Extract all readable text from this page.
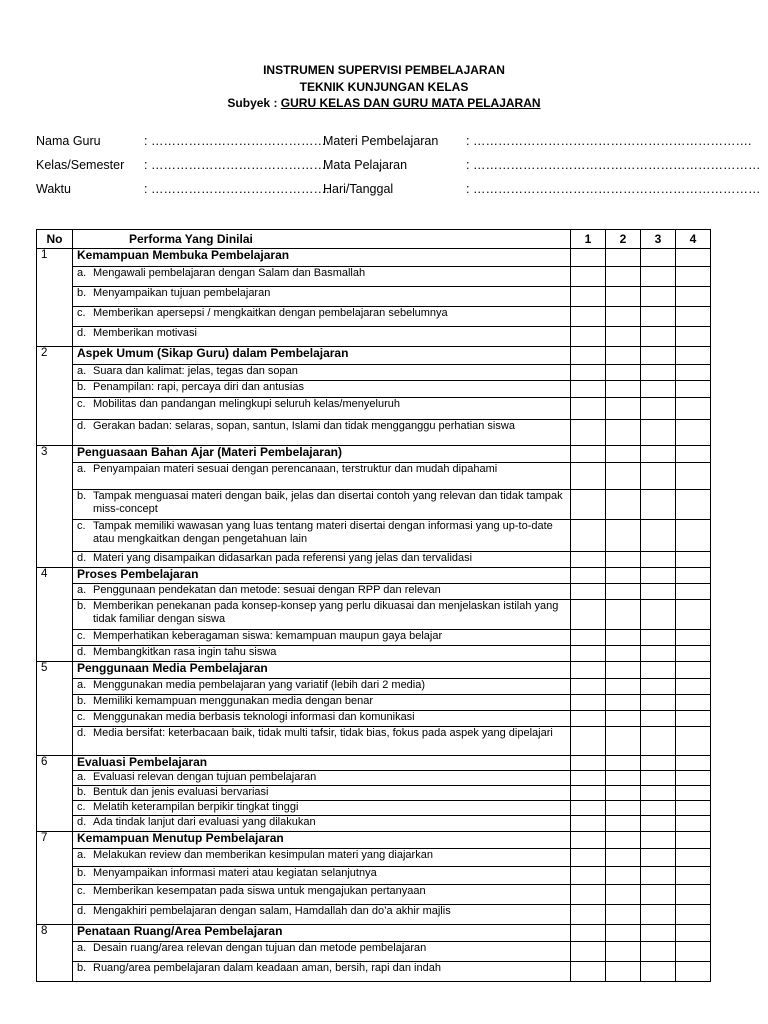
INSTRUMEN SUPERVISI PEMBELAJARAN
TEKNIK KUNJUNGAN KELAS
Subyek : GURU KELAS DAN GURU MATA PELAJARAN
Nama Guru	: ……………………………………
Materi Pembelajaran : ………………………………………………………….
Kelas/Semester : …………………………………….
Mata Pelajaran	: ……………………………………………………………
Waktu	: …………………………………….
Hari/Tanggal	: ……………………………………………………………
No	Performa Yang Dinilai	1	2	3	4
1	Kemampuan Membuka Pembelajaran				
	a. Mengawali pembelajaran dengan Salam dan Basmallah				
	b. Menyampaikan tujuan pembelajaran				
	c. Memberikan apersepsi / mengkaitkan dengan pembelajaran sebelumnya				
	d. Memberikan motivasi				
2	Aspek Umum (Sikap Guru) dalam Pembelajaran				
	a. Suara dan kalimat: jelas, tegas dan sopan				
	b. Penampilan: rapi, percaya diri dan antusias				
	c. Mobilitas dan pandangan melingkupi seluruh kelas/menyeluruh				
	d. Gerakan badan: selaras, sopan, santun, Islami dan tidak mengganggu perhatian siswa				
3	Penguasaan Bahan Ajar (Materi Pembelajaran)				
	a. Penyampaian materi sesuai dengan perencanaan, terstruktur dan mudah dipahami				
	b. Tampak menguasai materi dengan baik, jelas dan disertai contoh yang relevan dan tidak tampak miss-concept				
	c. Tampak memiliki wawasan yang luas tentang materi disertai dengan informasi yang up-to-date atau mengkaitkan dengan pengetahuan lain				
	d. Materi yang disampaikan didasarkan pada referensi yang jelas dan tervalidasi				
4	Proses Pembelajaran				
	a. Penggunaan pendekatan dan metode: sesuai dengan RPP dan relevan				
	b. Memberikan penekanan pada konsep-konsep yang perlu dikuasai dan menjelaskan istilah yang tidak familiar dengan siswa				
	c. Memperhatikan keberagaman siswa: kemampuan maupun gaya belajar				
	d. Membangkitkan rasa ingin tahu siswa				
5	Penggunaan Media Pembelajaran				
	a. Menggunakan media pembelajaran yang variatif (lebih dari 2 media)				
	b. Memiliki kemampuan menggunakan media dengan benar				
	c. Menggunakan media berbasis teknologi informasi dan komunikasi				
	d. Media bersifat: keterbacaan baik, tidak multi tafsir, tidak bias, fokus pada aspek yang dipelajari				
6	Evaluasi Pembelajaran				
	a. Evaluasi relevan dengan tujuan pembelajaran				
	b. Bentuk dan jenis evaluasi bervariasi				
	c. Melatih keterampilan berpikir tingkat tinggi				
	d. Ada tindak lanjut dari evaluasi yang dilakukan				
7	Kemampuan Menutup Pembelajaran				
	a. Melakukan review dan memberikan kesimpulan materi yang diajarkan				
	b. Menyampaikan informasi materi atau kegiatan selanjutnya				
	c. Memberikan kesempatan pada siswa untuk mengajukan pertanyaan				
	d. Mengakhiri pembelajaran dengan salam, Hamdallah dan do’a akhir majlis				
8	Penataan Ruang/Area Pembelajaran				
	a. Desain ruang/area relevan dengan tujuan dan metode pembelajaran				
	b. Ruang/area pembelajaran dalam keadaan aman, bersih, rapi dan indah				
